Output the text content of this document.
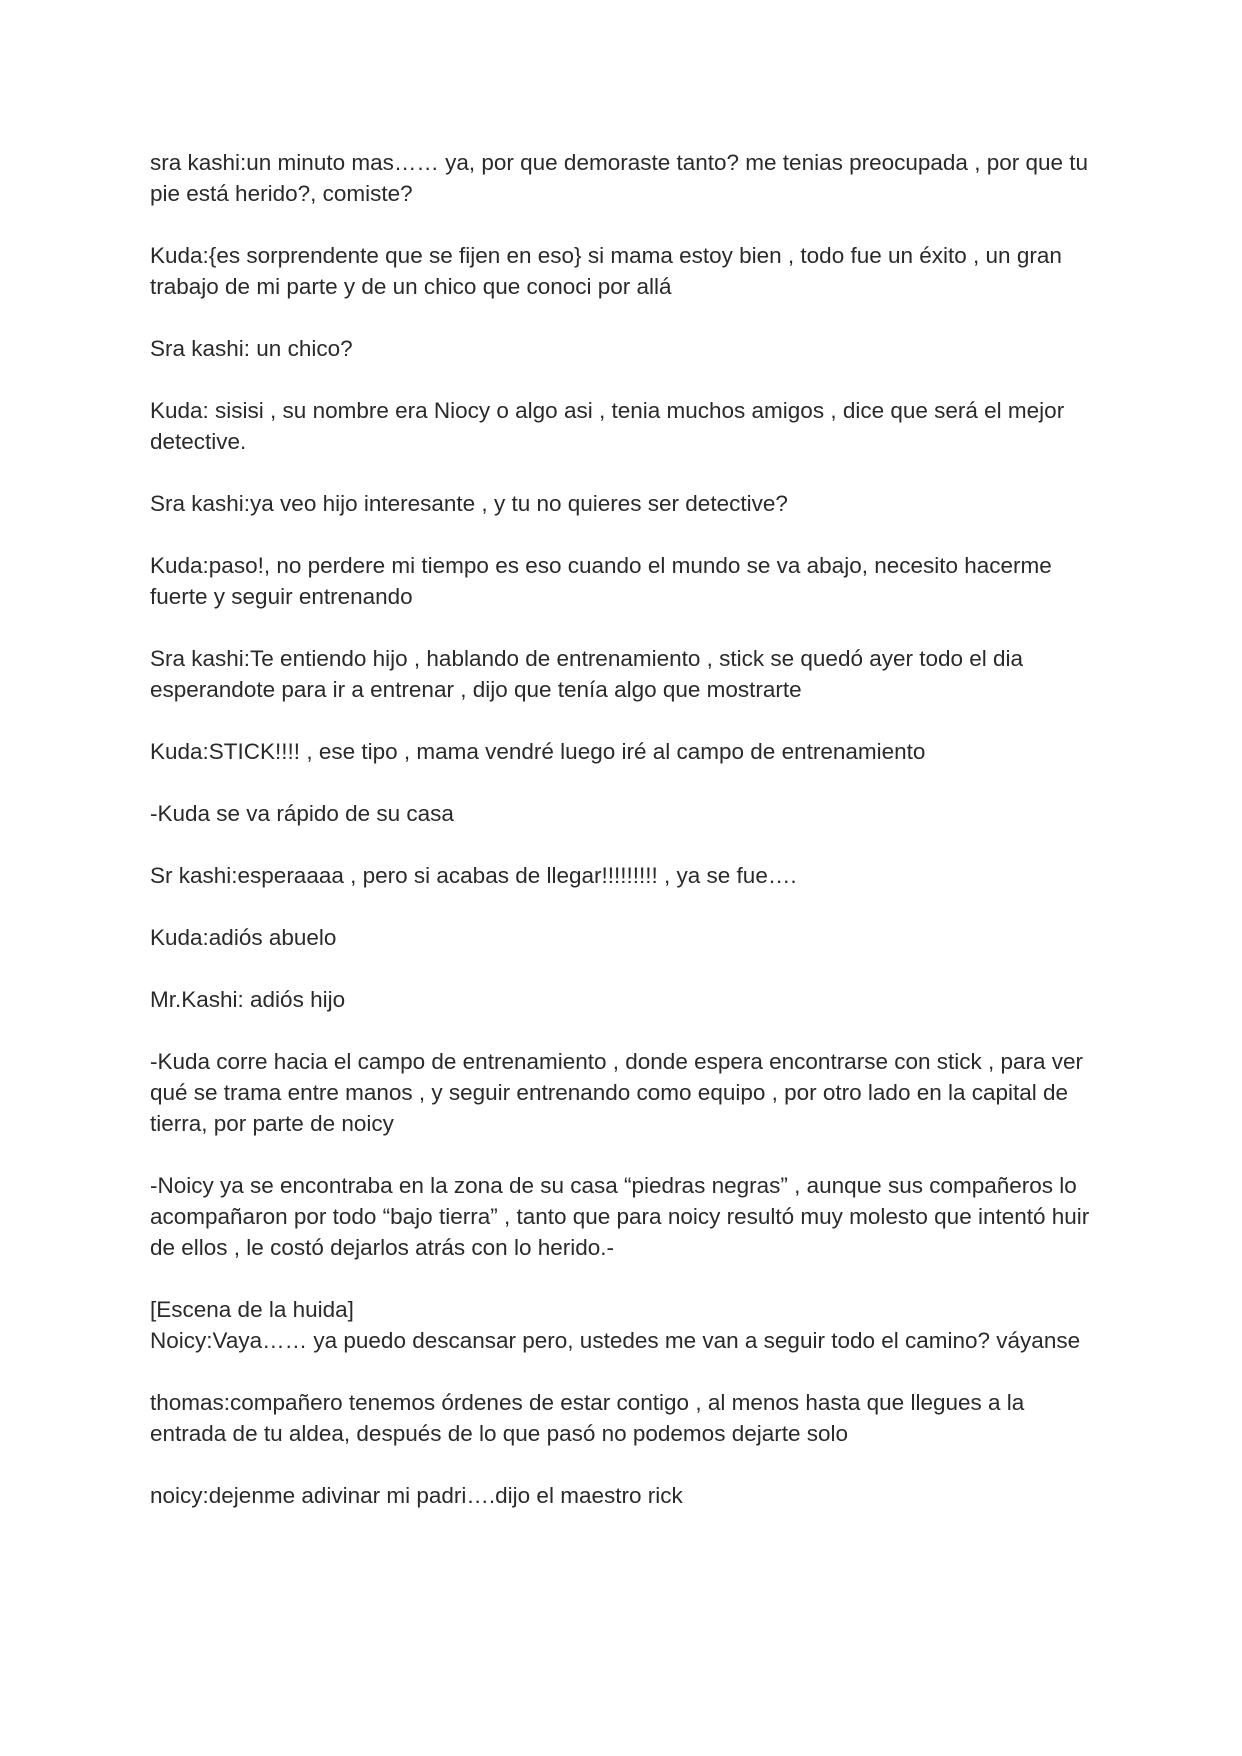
sra kashi:un minuto mas…… ya, por que demoraste tanto? me tenias preocupada , por que tu pie está herido?, comiste?

Kuda:{es sorprendente que se fijen en eso} si mama estoy bien , todo fue un éxito , un gran trabajo de mi parte y de un chico que conoci por allá

Sra kashi: un chico?

Kuda: sisisi , su nombre era Niocy o algo asi , tenia muchos amigos , dice que será el mejor detective.

Sra kashi:ya veo hijo interesante , y tu no quieres ser detective?

Kuda:paso!, no perdere mi tiempo es eso cuando el mundo se va abajo, necesito hacerme fuerte y seguir entrenando

Sra kashi:Te entiendo hijo , hablando de entrenamiento , stick se quedó ayer todo el dia esperandote para ir a entrenar , dijo que tenía algo que mostrarte

Kuda:STICK!!!! , ese tipo , mama vendré luego iré al campo de entrenamiento

-Kuda se va rápido de su casa

Sr kashi:esperaaaa , pero si acabas de llegar!!!!!!!!! , ya se fue….

Kuda:adiós abuelo

Mr.Kashi: adiós hijo

-Kuda corre hacia el campo de entrenamiento , donde espera encontrarse con stick , para ver qué se trama entre manos , y seguir entrenando como equipo , por otro lado en la capital de tierra, por parte de noicy

-Noicy ya se encontraba en la zona de su casa “piedras negras” , aunque sus compañeros lo acompañaron por todo “bajo tierra” , tanto que para noicy resultó muy molesto que intentó huir de ellos , le costó dejarlos atrás con lo herido.-

[Escena de la huida]

Noicy:Vaya…… ya puedo descansar pero, ustedes me van a seguir todo el camino? váyanse

thomas:compañero tenemos órdenes de estar contigo , al menos hasta que llegues a la entrada de tu aldea, después de lo que pasó no podemos dejarte solo

noicy:dejenme adivinar mi padri….dijo el maestro rick
